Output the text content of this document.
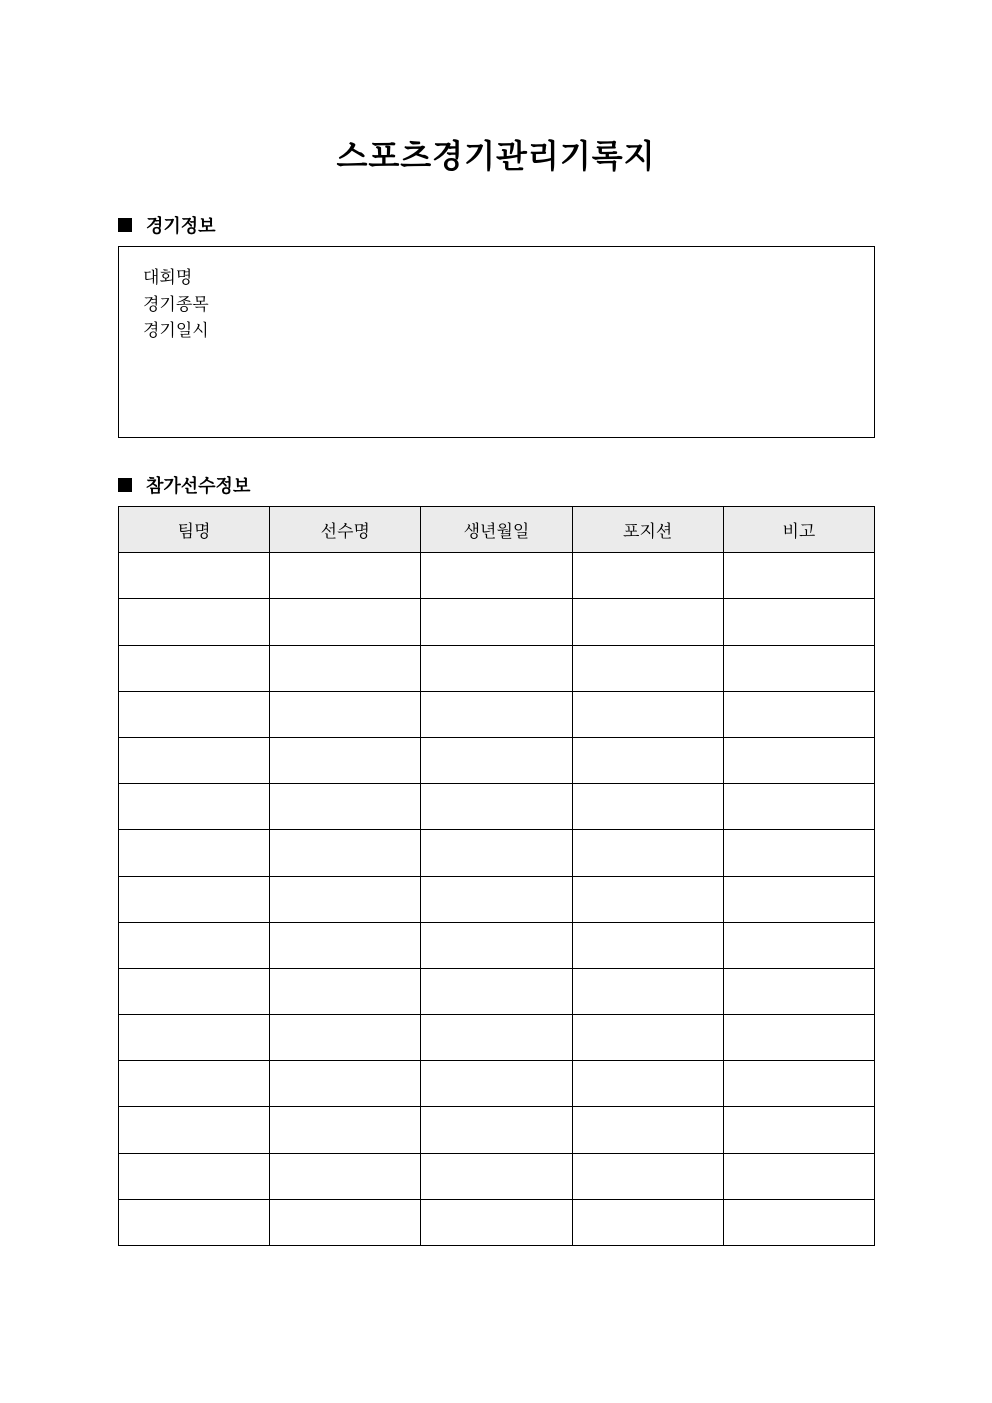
스포츠경기관리기록지
경기정보
대회명
경기종목
경기일시
참가선수정보
팀명	선수명	생년월일	포지션	비고
